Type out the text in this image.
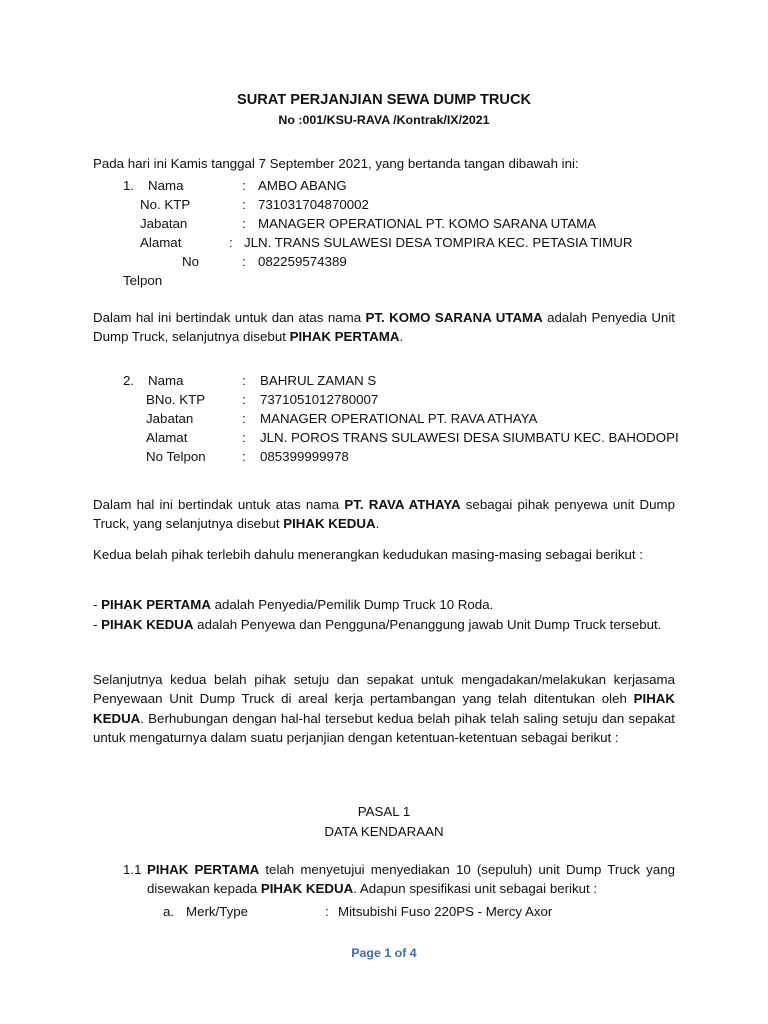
SURAT PERJANJIAN SEWA DUMP TRUCK
No :001/KSU-RAVA /Kontrak/IX/2021
Pada hari ini Kamis tanggal 7 September 2021, yang bertanda tangan dibawah ini:
1. Nama	: AMBO ABANG
No. KTP	: 731031704870002
Jabatan	: MANAGER OPERATIONAL PT. KOMO SARANA UTAMA
Alamat	: JLN. TRANS SULAWESI DESA TOMPIRA KEC. PETASIA TIMUR
No	: 082259574389
Telpon
Dalam hal ini bertindak untuk dan atas nama PT. KOMO SARANA UTAMA adalah Penyedia Unit Dump Truck, selanjutnya disebut PIHAK PERTAMA.
2. Nama	: BAHRUL ZAMAN S
BNo. KTP	: 7371051012780007
Jabatan	: MANAGER OPERATIONAL PT. RAVA ATHAYA
Alamat	: JLN. POROS TRANS SULAWESI DESA SIUMBATU KEC. BAHODOPI
No Telpon	: 085399999978
Dalam hal ini bertindak untuk atas nama PT. RAVA ATHAYA sebagai pihak penyewa unit Dump Truck, yang selanjutnya disebut PIHAK KEDUA.
Kedua belah pihak terlebih dahulu menerangkan kedudukan masing-masing sebagai berikut :
- PIHAK PERTAMA adalah Penyedia/Pemilik Dump Truck 10 Roda.
- PIHAK KEDUA adalah Penyewa dan Pengguna/Penanggung jawab Unit Dump Truck tersebut.
Selanjutnya kedua belah pihak setuju dan sepakat untuk mengadakan/melakukan kerjasama Penyewaan Unit Dump Truck di areal kerja pertambangan yang telah ditentukan oleh PIHAK KEDUA. Berhubungan dengan hal-hal tersebut kedua belah pihak telah saling setuju dan sepakat untuk mengaturnya dalam suatu perjanjian dengan ketentuan-ketentuan sebagai berikut :
PASAL 1
DATA KENDARAAN
1.1 PIHAK PERTAMA telah menyetujui menyediakan 10 (sepuluh) unit Dump Truck yang disewakan kepada PIHAK KEDUA. Adapun spesifikasi unit sebagai berikut :
a. Merk/Type	: Mitsubishi Fuso 220PS - Mercy Axor
Page 1 of 4
